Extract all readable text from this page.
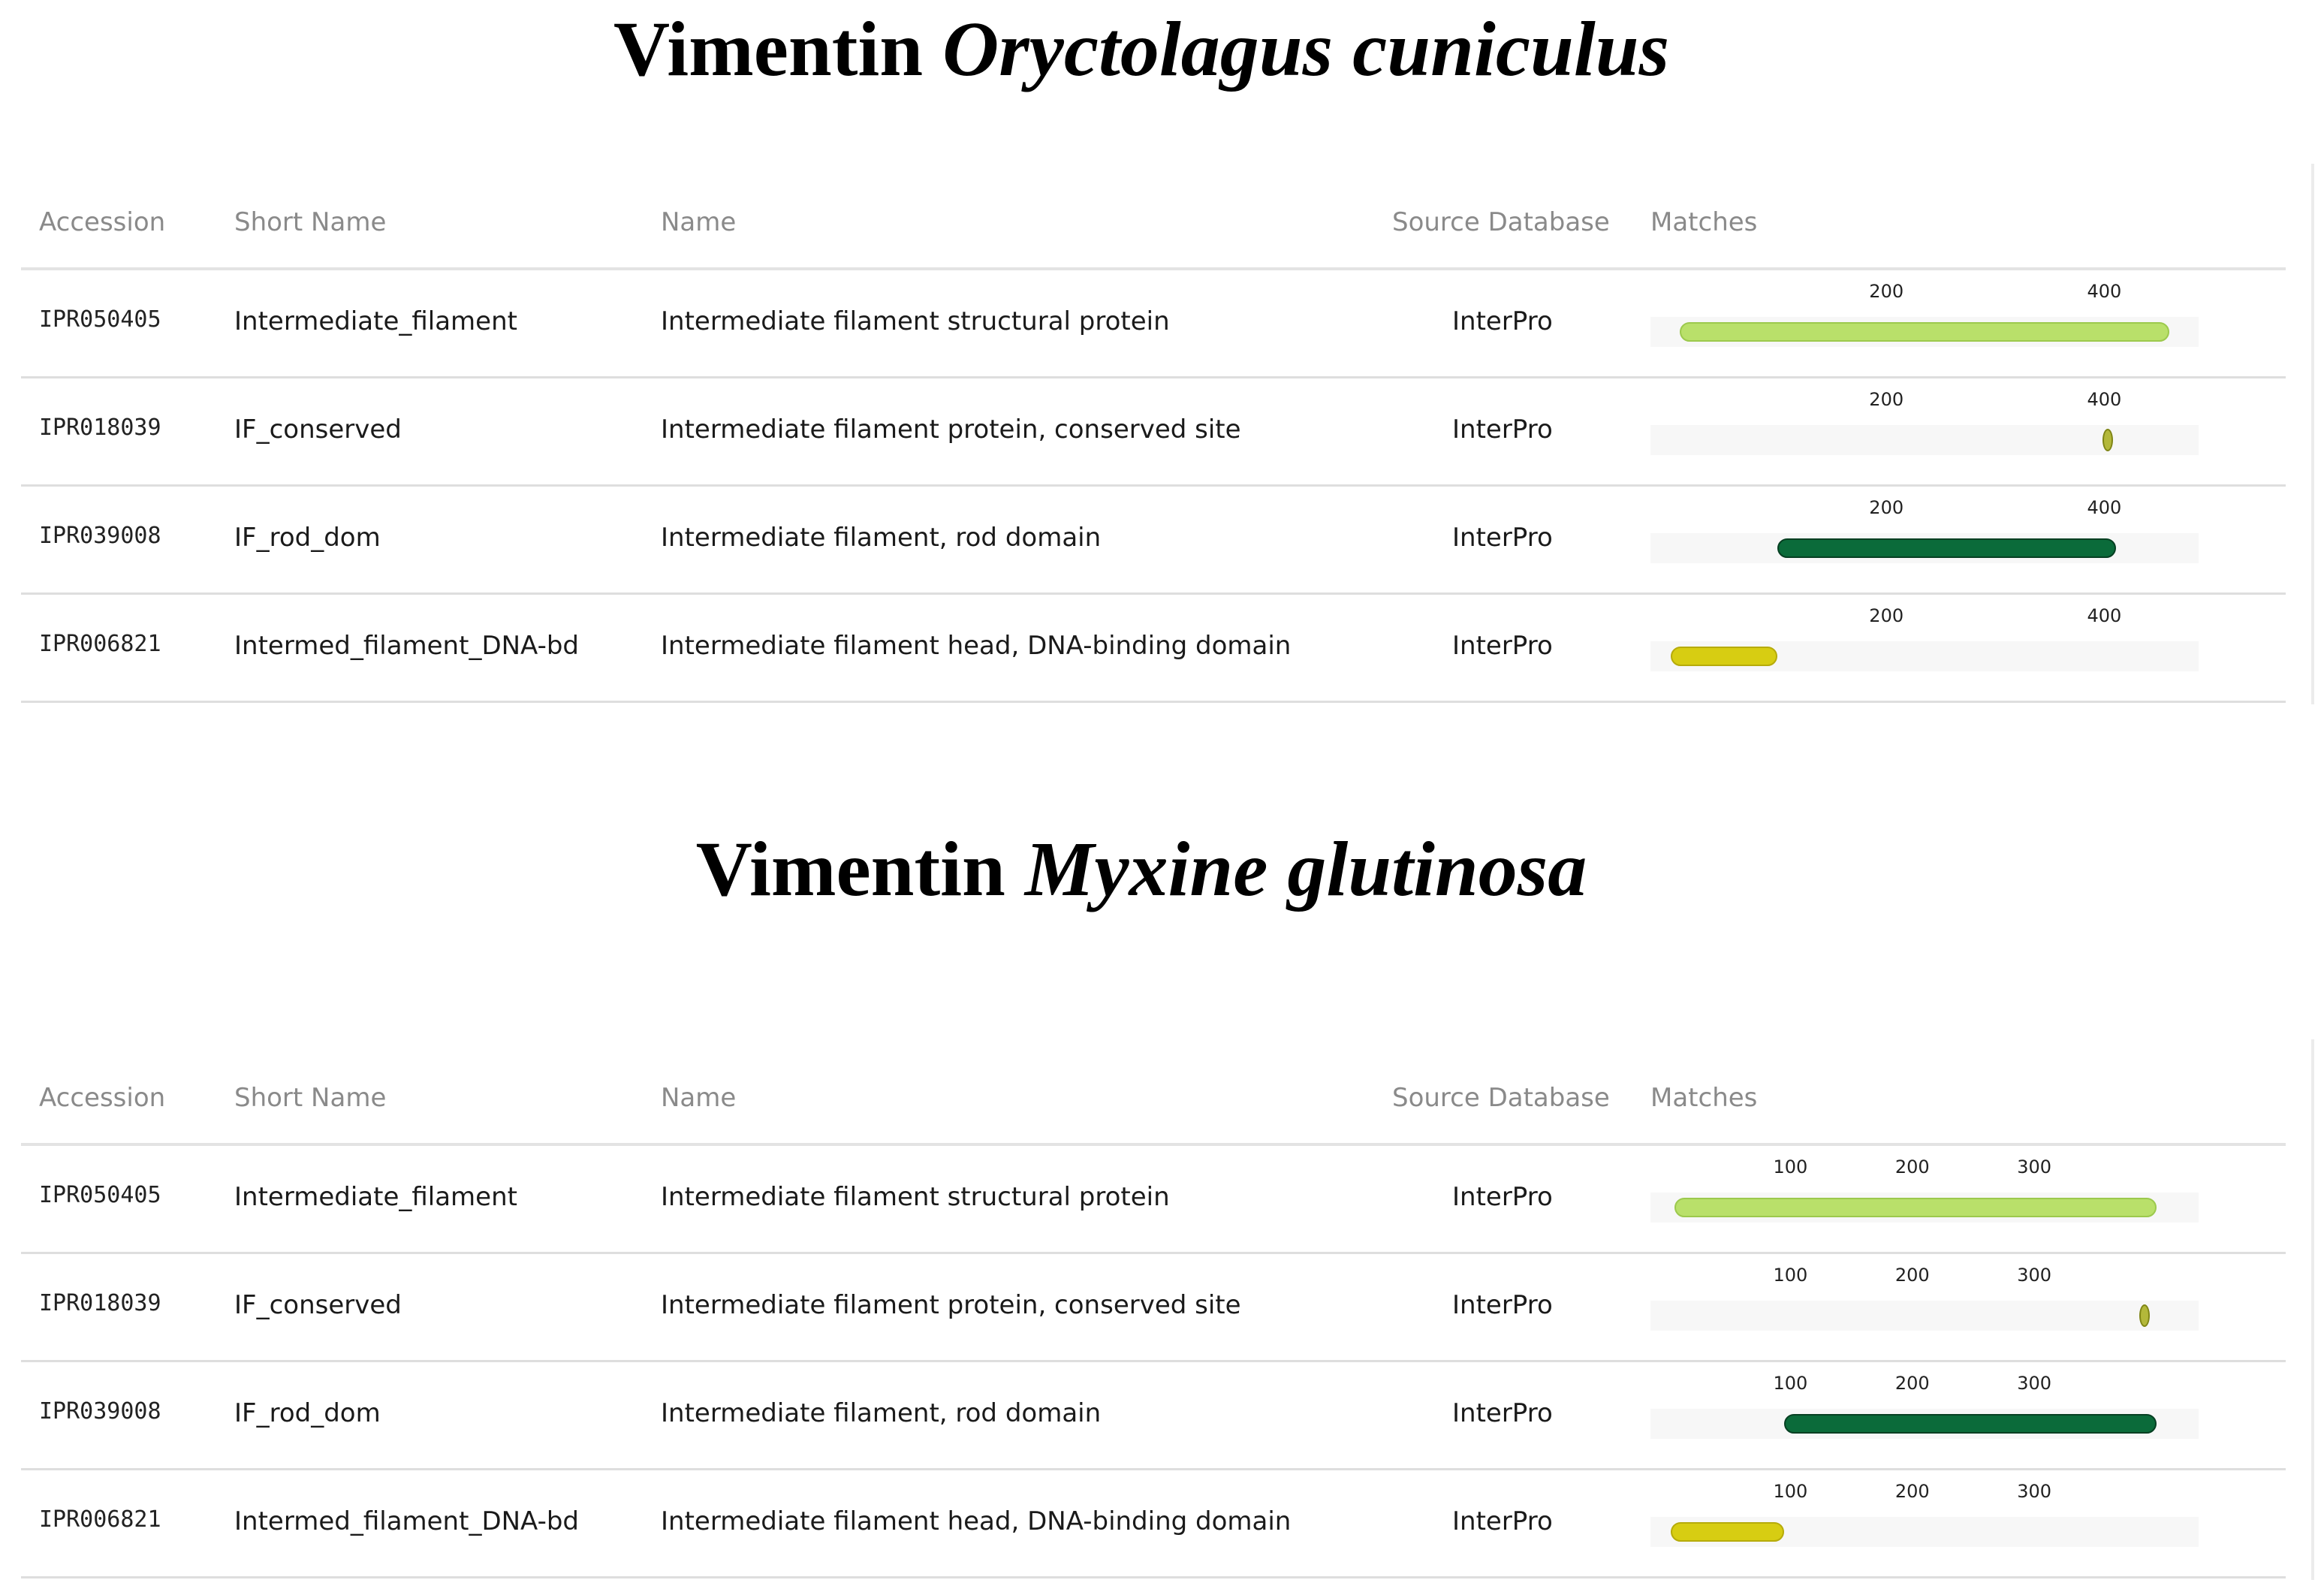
Vimentin Oryctolagus cuniculus
Accession	Short Name	Name	Source Database Matches
IPR050405	Intermediate_filament	Intermediate filament structural protein	InterPro
200	400
IPR018039	IF_conserved	Intermediate filament protein, conserved site	InterPro
200	400
IPR039008	IF_rod_dom	Intermediate filament, rod domain	InterPro
200	400
IPR006821	Intermed_filament_DNA-bd	Intermediate filament head, DNA-binding domain	InterPro
200	400
Vimentin Myxine glutinosa
Accession	Short Name	Name	Source Database Matches
IPR050405	Intermediate_filament	Intermediate filament structural protein	InterPro
100	200	300
IPR018039	IF_conserved	Intermediate filament protein, conserved site	InterPro
100	200	300
IPR039008	IF_rod_dom	Intermediate filament, rod domain	InterPro
100	200	300
IPR006821	Intermed_filament_DNA-bd	Intermediate filament head, DNA-binding domain	InterPro
100	200	300
